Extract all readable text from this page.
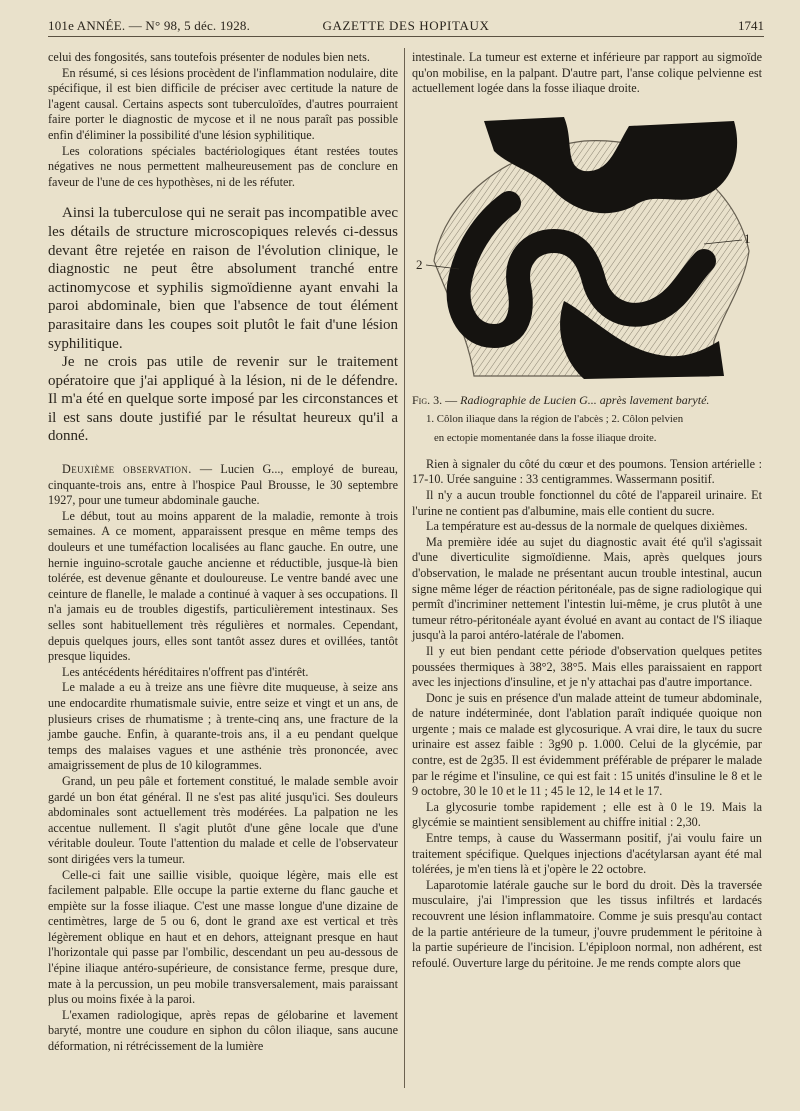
101e ANNÉE. — N° 98, 5 déc. 1928.	GAZETTE DES HOPITAUX	1741

celui des fongosités, sans toutefois présenter de nodules bien nets.

En résumé, si ces lésions procèdent de l'inflammation nodulaire, dite spécifique, il est bien difficile de préciser avec certitude la nature de l'agent causal. Certains aspects sont tuberculoïdes, d'autres pourraient faire porter le diagnostic de mycose et il ne nous paraît pas possible enfin d'éliminer la possibilité d'une lésion syphilitique.

Les colorations spéciales bactériologiques étant restées toutes négatives ne nous permettent malheureusement pas de conclure en faveur de l'une de ces hypothèses, ni de les réfuter.

Ainsi la tuberculose qui ne serait pas incompatible avec les détails de structure microscopiques relevés ci-dessus devant être rejetée en raison de l'évolution clinique, le diagnostic ne peut être absolument tranché entre actinomycose et syphilis sigmoïdienne ayant envahi la paroi abdominale, bien que l'absence de tout élément parasitaire dans les coupes soit plutôt le fait d'une lésion syphilitique.

Je ne crois pas utile de revenir sur le traitement opératoire que j'ai appliqué à la lésion, ni de le défendre. Il m'a été en quelque sorte imposé par les circonstances et il est sans doute justifié par le résultat heureux qu'il a donné.

Deuxième observation. — Lucien G..., employé de bureau, cinquante-trois ans, entre à l'hospice Paul Brousse, le 30 septembre 1927, pour une tumeur abdominale gauche.

Le début, tout au moins apparent de la maladie, remonte à trois semaines. A ce moment, apparaissent presque en même temps des douleurs et une tuméfaction localisées au flanc gauche. En outre, une hernie inguino-scrotale gauche ancienne et réductible, jusque-là bien tolérée, est devenue gênante et douloureuse. Le ventre bandé avec une ceinture de flanelle, le malade a continué à vaquer à ses occupations. Il n'a jamais eu de troubles digestifs, particulièrement intestinaux. Ses selles sont habituellement très régulières et normales. Cependant, depuis quelques jours, elles sont tantôt assez dures et ovillées, tantôt presque liquides.

Les antécédents héréditaires n'offrent pas d'intérêt.

Le malade a eu à treize ans une fièvre dite muqueuse, à seize ans une endocardite rhumatismale suivie, entre seize et vingt et un ans, de plusieurs crises de rhumatisme ; à trente-cinq ans, une fracture de la jambe gauche. Enfin, à quarante-trois ans, il a eu pendant quelque temps des malaises vagues et une asthénie très prononcée, avec amaigrissement de plus de 10 kilogrammes.

Grand, un peu pâle et fortement constitué, le malade semble avoir gardé un bon état général. Il ne s'est pas alité jusqu'ici. Ses douleurs abdominales sont actuellement très modérées. La palpation ne les accentue nullement. Il s'agit plutôt d'une gêne locale que d'une véritable douleur. Toute l'attention du malade et celle de l'observateur sont dirigées vers la tumeur.

Celle-ci fait une saillie visible, quoique légère, mais elle est facilement palpable. Elle occupe la partie externe du flanc gauche et empiète sur la fosse iliaque. C'est une masse longue d'une dizaine de centimètres, large de 5 ou 6, dont le grand axe est vertical et très légèrement oblique en haut et en dehors, atteignant presque en haut l'horizontale qui passe par l'ombilic, descendant un peu au-dessous de l'épine iliaque antéro-supérieure, de consistance ferme, presque dure, mate à la percussion, un peu mobile transversalement, mais paraissant plus ou moins fixée à la paroi.

L'examen radiologique, après repas de gélobarine et lavement baryté, montre une coudure en siphon du côlon iliaque, sans aucune déformation, ni rétrécissement de la lumière

intestinale. La tumeur est externe et inférieure par rapport au sigmoïde qu'on mobilise, en la palpant. D'autre part, l'anse colique pelvienne est actuellement logée dans la fosse iliaque droite.

2
1

Fig. 3. — Radiographie de Lucien G... après lavement baryté.

1. Côlon iliaque dans la région de l'abcès ; 2. Côlon pelvien

en ectopie momentanée dans la fosse iliaque droite.

Rien à signaler du côté du cœur et des poumons. Tension artérielle : 17-10. Urée sanguine : 33 centigrammes. Wassermann positif.

Il n'y a aucun trouble fonctionnel du côté de l'appareil urinaire. Et l'urine ne contient pas d'albumine, mais elle contient du sucre.

La température est au-dessus de la normale de quelques dixièmes.

Ma première idée au sujet du diagnostic avait été qu'il s'agissait d'une diverticulite sigmoïdienne. Mais, après quelques jours d'observation, le malade ne présentant aucun trouble intestinal, aucun signe même léger de réaction péritonéale, pas de signe radiologique qui permît d'incriminer nettement l'intestin lui-même, je crus plutôt à une tumeur rétro-péritonéale ayant évolué en avant au contact de l'S iliaque jusqu'à la paroi antéro-latérale de l'abomen.

Il y eut bien pendant cette période d'observation quelques petites poussées thermiques à 38°2, 38°5. Mais elles paraissaient en rapport avec les injections d'insuline, et je n'y attachai pas d'autre importance.

Donc je suis en présence d'un malade atteint de tumeur abdominale, de nature indéterminée, dont l'ablation paraît indiquée quoique non urgente ; mais ce malade est glycosurique. A vrai dire, le taux du sucre urinaire est assez faible : 3g90 p. 1.000. Celui de la glycémie, par contre, est de 2g35. Il est évidemment préférable de préparer le malade par le régime et l'insuline, ce qui est fait : 15 unités d'insuline le 8 et le 9 octobre, 30 le 10 et le 11 ; 45 le 12, le 14 et le 17.

La glycosurie tombe rapidement ; elle est à 0 le 19. Mais la glycémie se maintient sensiblement au chiffre initial : 2,30.

Entre temps, à cause du Wassermann positif, j'ai voulu faire un traitement spécifique. Quelques injections d'acétylarsan ayant été mal tolérées, je m'en tiens là et j'opère le 22 octobre.

Laparotomie latérale gauche sur le bord du droit. Dès la traversée musculaire, j'ai l'impression que les tissus infiltrés et lardacés recouvrent une lésion inflammatoire. Comme je suis presqu'au contact de la partie antérieure de la tumeur, j'ouvre prudemment le péritoine à la partie supérieure de l'incision. L'épiploon normal, non adhérent, est refoulé. Ouverture large du péritoine. Je me rends compte alors que
